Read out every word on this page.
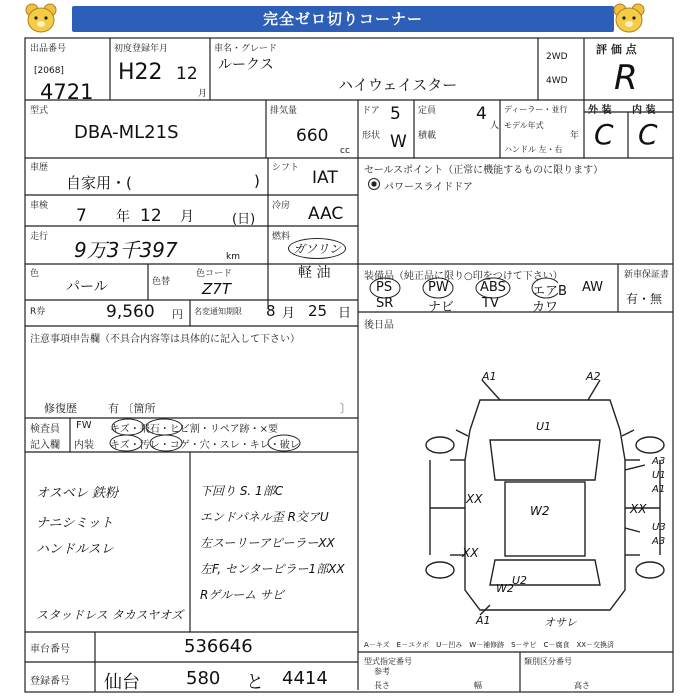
完全ゼロ切りコーナー
出品番号
[2068]
4721
初度登録年月
H22 12
月
車名・グレード
ルークス
ハイウェイスター
2WD
4WD
評 価 点
R
外 装 内 装
C C
型式
DBA-ML21S
排気量
660
cc
ドア 5
形状 W
定員 4
人
積載
ディーラー・並行
モデル年式
年
ハンドル 左・右
車歴
自家用・(	)
シフト IAT
車検 7 年 12 月	(日)
冷房 AAC
走行
9万3千397	km
燃料
ガソリン
軽 油
色
パール	色替
色コード
Z7T
セールスポイント（正常に機能するものに限ります）
パワースライドドア
R券	9,560 円 名変通知期限 8 月 25 日
装備品（純正品に限り○印をつけて下さい）
PS	PW ABS エアB AW
SR	ナビ TV	カワ
新車保証書
有・無
注意事項申告欄（不具合内容等は具体的に記入して下さい）
修復歴	有 〔箇所	〕
後日品
検査員
記入欄
FW キズ・飛石・ヒビ割・リペア跡・×要
内装 キズ・汚レ・コゲ・穴・スレ・キレ・破レ
オスベレ 鉄粉
ナニシミット
ハンドルスレ
スタッドレス タカスヤオズ
下回り S. 1部C
エンドパネル歪 R交アU
左スーリーアピーラーXX
左F, センターピラー1部XX
Rゲルーム サビ
A1	A2
U1
A3
U1
A1
XX
W2	XX
U3
A3
XX
W2
U2
A1	オサレ
A－キズ　E－ユクボ　U－凹み　W－補修跡　S－サビ　C－腐食　XX－交換済
車台番号	536646
登録番号 仙台	580 と 4414
型式指定番号
参考
類別区分番号
長さ	幅	高さ
